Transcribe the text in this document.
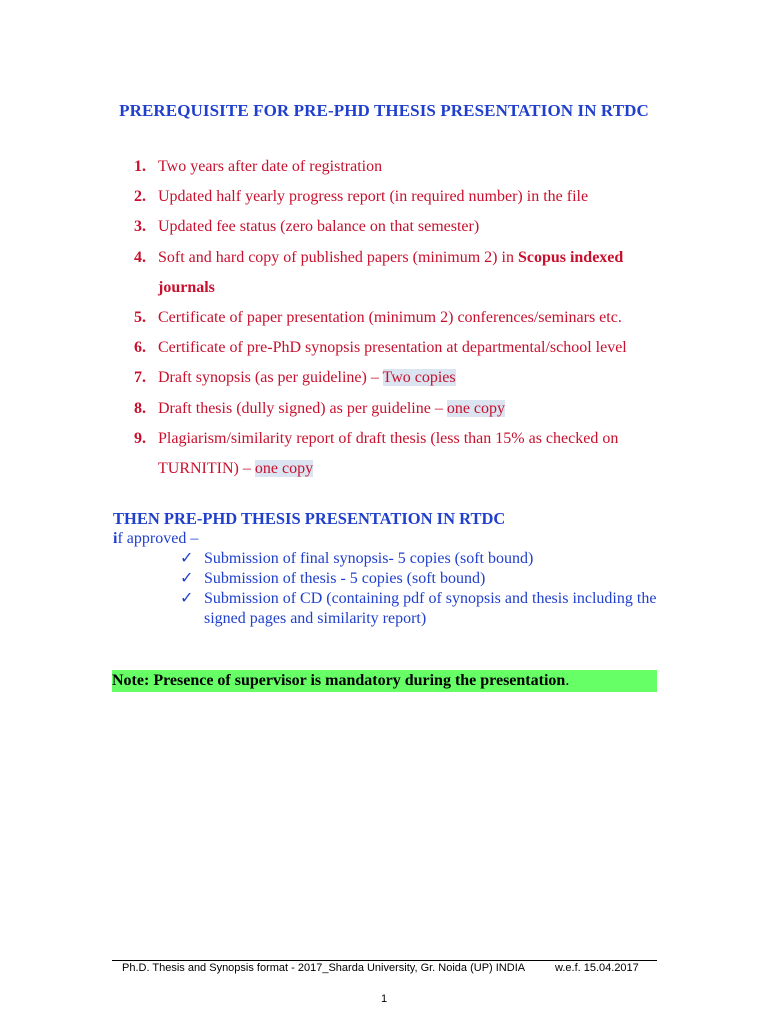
PREREQUISITE FOR PRE-PHD THESIS PRESENTATION IN RTDC
1. Two years after date of registration
2. Updated half yearly progress report (in required number) in the file
3. Updated fee status (zero balance on that semester)
4. Soft and hard copy of published papers (minimum 2) in Scopus indexed journals
5. Certificate of paper presentation (minimum 2) conferences/seminars etc.
6. Certificate of pre-PhD synopsis presentation at departmental/school level
7. Draft synopsis (as per guideline) – Two copies
8. Draft thesis (dully signed) as per guideline – one copy
9. Plagiarism/similarity report of draft thesis (less than 15% as checked on TURNITIN) – one copy
THEN PRE-PHD THESIS PRESENTATION IN RTDC
if approved –
✓ Submission of final synopsis- 5 copies (soft bound)
✓ Submission of thesis - 5 copies (soft bound)
✓ Submission of CD (containing pdf of synopsis and thesis including the signed pages and similarity report)
Note: Presence of supervisor is mandatory during the presentation.
Ph.D. Thesis and Synopsis format - 2017_Sharda University, Gr. Noida (UP) INDIA	w.e.f. 15.04.2017
1
